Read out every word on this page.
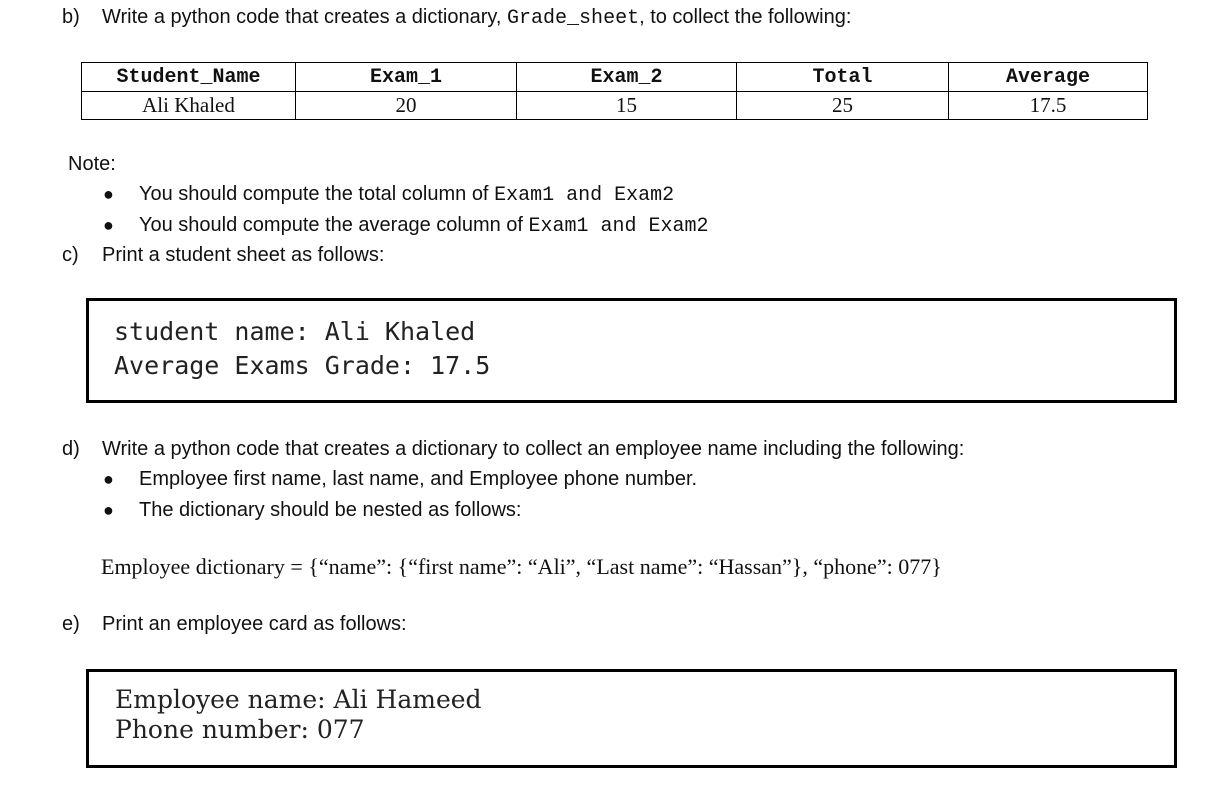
b) Write a python code that creates a dictionary, Grade_sheet, to collect the following:
Student_Name	Exam_1	Exam_2	Total	Average
Ali Khaled	20	15	25	17.5
Note:
● You should compute the total column of Exam1 and Exam2
● You should compute the average column of Exam1 and Exam2
c) Print a student sheet as follows:
student name: Ali Khaled
Average Exams Grade: 17.5
d) Write a python code that creates a dictionary to collect an employee name including the following:
● Employee first name, last name, and Employee phone number.
● The dictionary should be nested as follows:
Employee dictionary = {“name”: {“first name”: “Ali”, “Last name”: “Hassan”}, “phone”: 077}
e) Print an employee card as follows:
Employee name: Ali Hameed
Phone number: 077
